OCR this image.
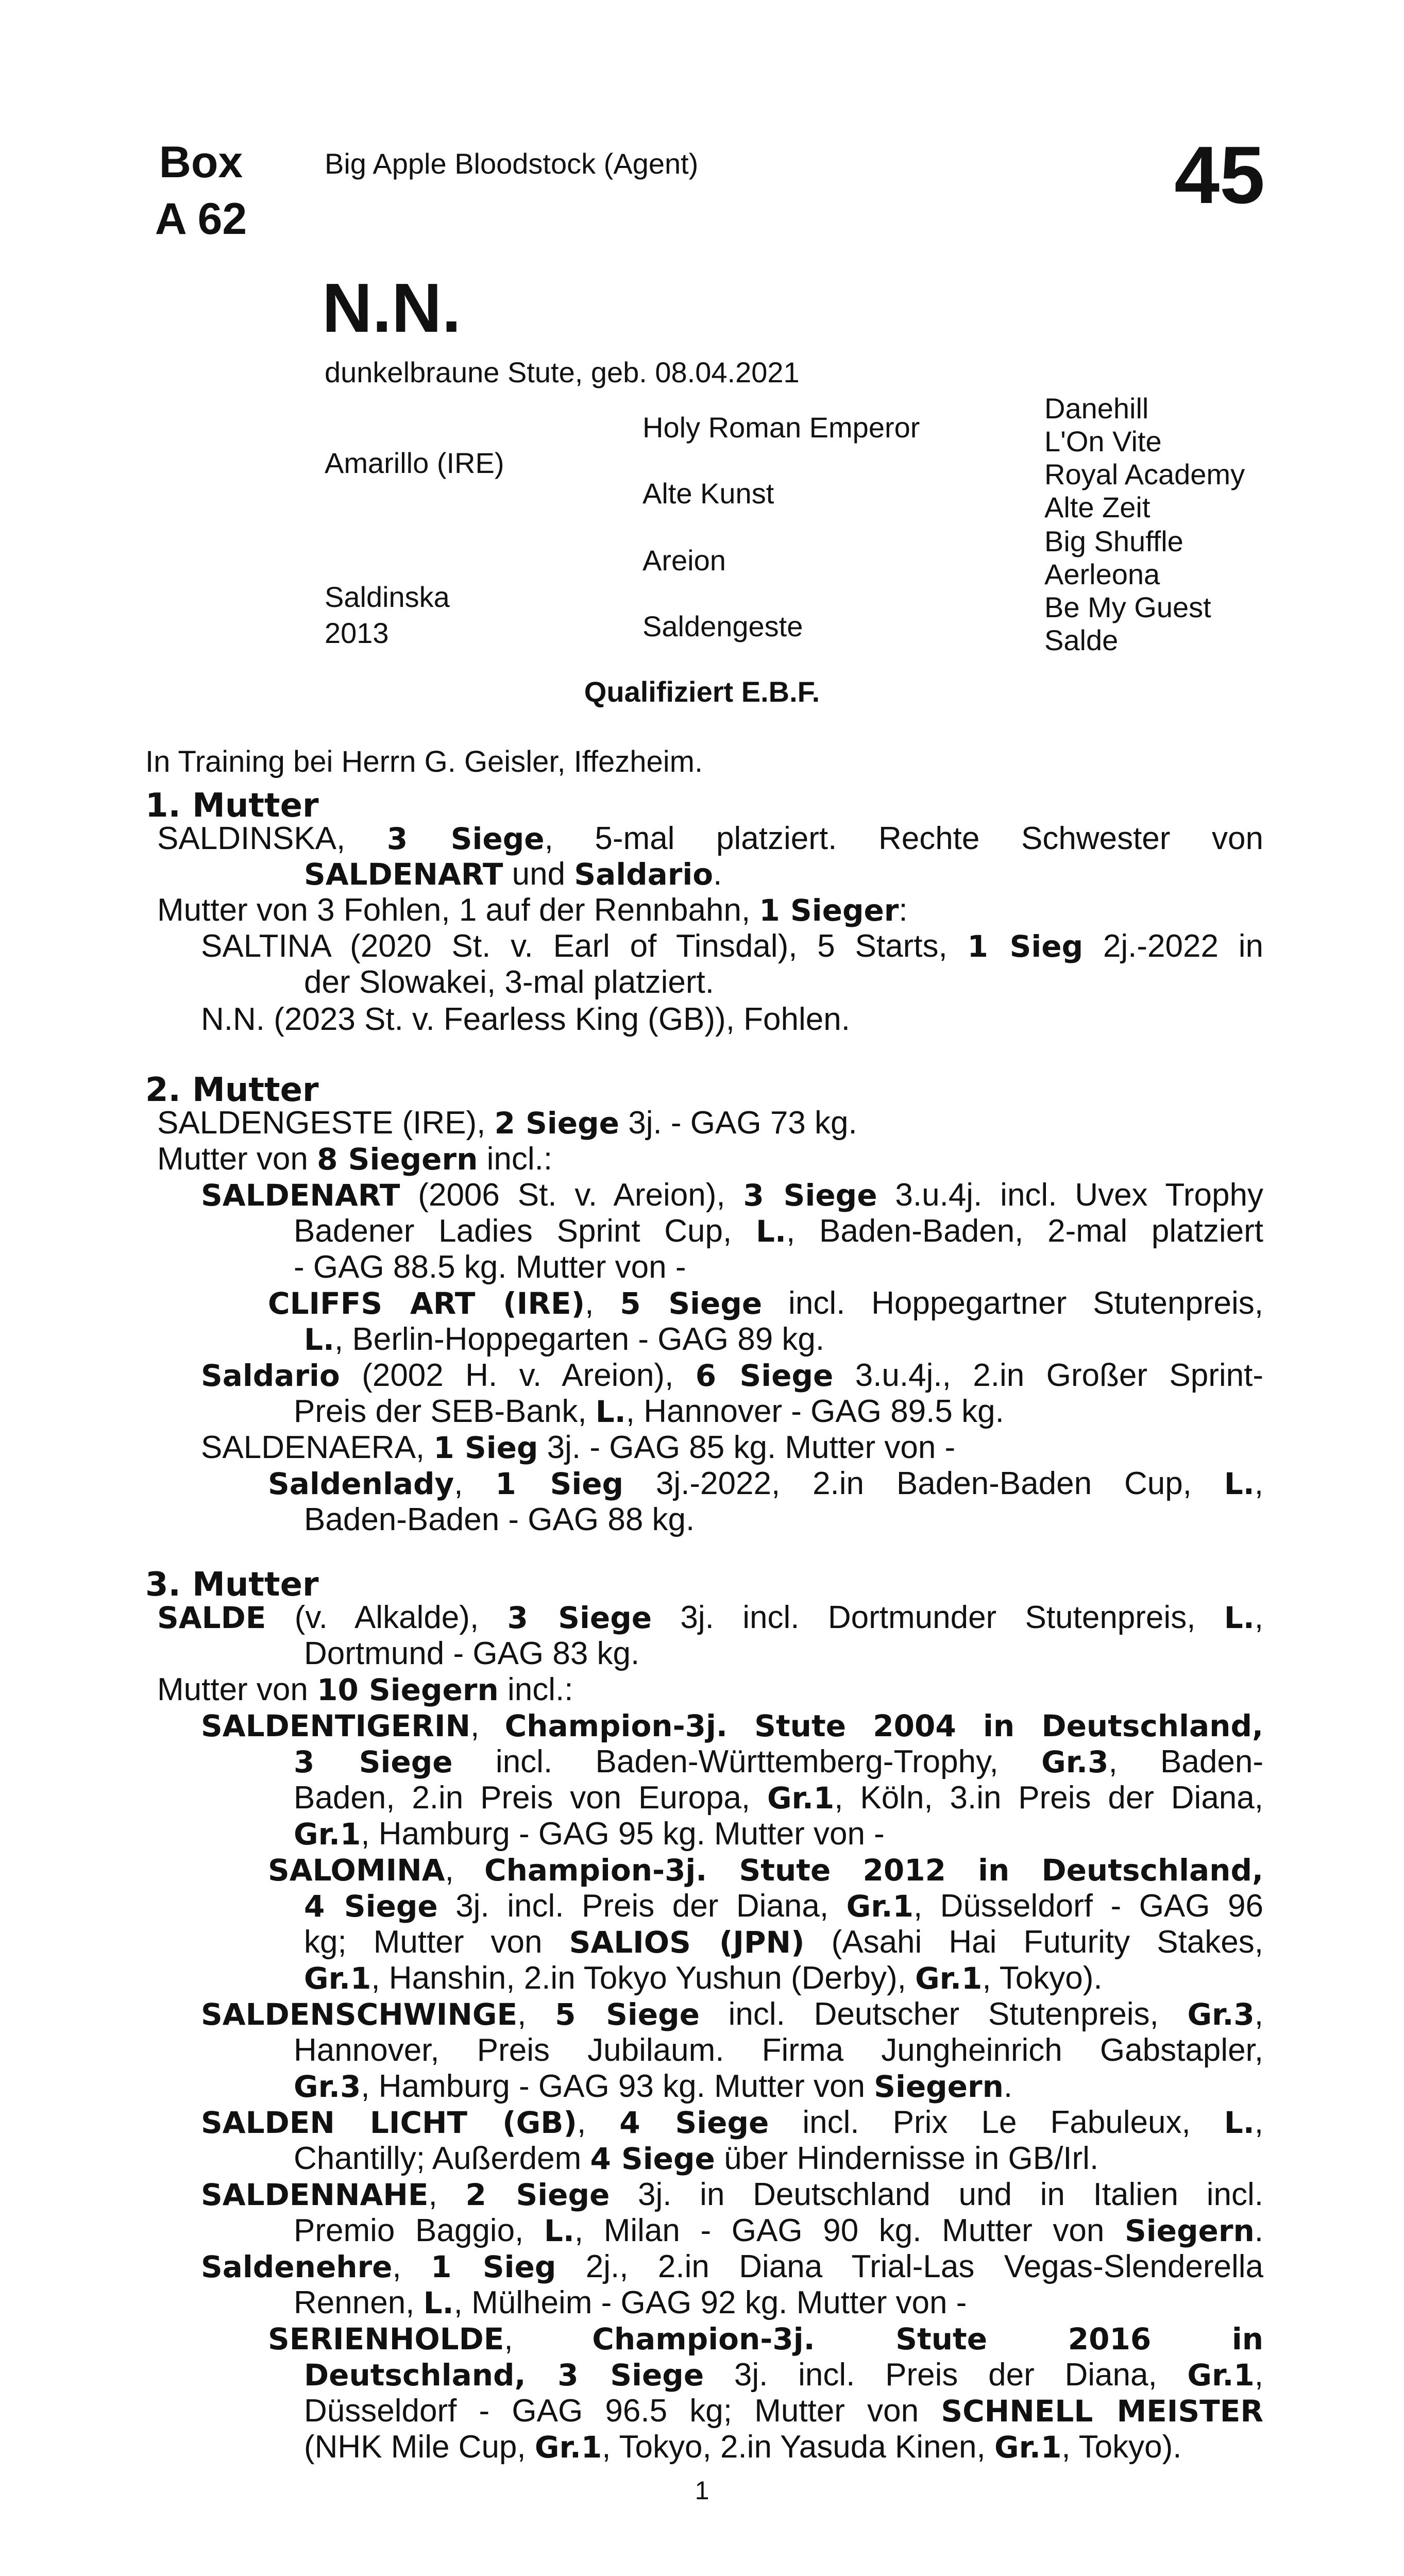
Box
A 62
Big Apple Bloodstock (Agent)	45
N.N.
dunkelbraune Stute, geb. 08.04.2021
Amarillo (IRE)
Saldinska
2013
Holy Roman Emperor
Alte Kunst
Areion
Saldengeste
Danehill
L'On Vite
Royal Academy
Alte Zeit
Big Shuffle
Aerleona
Be My Guest
Salde
Qualifiziert E.B.F.
In Training bei Herrn G. Geisler, Iffezheim.
1. Mutter
2. Mutter
3. Mutter
SALDINSKA, 3 Siege, 5-mal platziert. Rechte Schwester von
SALDENART und Saldario.
Mutter von 3 Fohlen, 1 auf der Rennbahn, 1 Sieger:
SALTINA (2020 St. v. Earl of Tinsdal), 5 Starts, 1 Sieg 2j.-2022 in
der Slowakei, 3-mal platziert.
N.N. (2023 St. v. Fearless King (GB)), Fohlen.
SALDENGESTE (IRE), 2 Siege 3j. - GAG 73 kg.
Mutter von 8 Siegern incl.:
SALDENART (2006 St. v. Areion), 3 Siege 3.u.4j. incl. Uvex Trophy
Badener Ladies Sprint Cup, L., Baden-Baden, 2-mal platziert
- GAG 88.5 kg. Mutter von -
CLIFFS ART (IRE), 5 Siege incl. Hoppegartner Stutenpreis,
L., Berlin-Hoppegarten - GAG 89 kg.
Saldario (2002 H. v. Areion), 6 Siege 3.u.4j., 2.in Großer Sprint-
Preis der SEB-Bank, L., Hannover - GAG 89.5 kg.
SALDENAERA, 1 Sieg 3j. - GAG 85 kg. Mutter von -
Saldenlady, 1 Sieg 3j.-2022, 2.in Baden-Baden Cup, L.,
Baden-Baden - GAG 88 kg.
SALDE (v. Alkalde), 3 Siege 3j. incl. Dortmunder Stutenpreis, L.,
Dortmund - GAG 83 kg.
Mutter von 10 Siegern incl.:
SALDENTIGERIN, Champion-3j. Stute 2004 in Deutschland,
3 Siege incl. Baden-Württemberg-Trophy, Gr.3, Baden-
Baden, 2.in Preis von Europa, Gr.1, Köln, 3.in Preis der Diana,
Gr.1, Hamburg - GAG 95 kg. Mutter von -
SALOMINA, Champion-3j. Stute 2012 in Deutschland,
4 Siege 3j. incl. Preis der Diana, Gr.1, Düsseldorf - GAG 96
kg; Mutter von SALIOS (JPN) (Asahi Hai Futurity Stakes,
Gr.1, Hanshin, 2.in Tokyo Yushun (Derby), Gr.1, Tokyo).
SALDENSCHWINGE, 5 Siege incl. Deutscher Stutenpreis, Gr.3,
Hannover, Preis Jubilaum. Firma Jungheinrich Gabstapler,
Gr.3, Hamburg - GAG 93 kg. Mutter von Siegern.
SALDEN LICHT (GB), 4 Siege incl. Prix Le Fabuleux, L.,
Chantilly; Außerdem 4 Siege über Hindernisse in GB/Irl.
SALDENNAHE, 2 Siege 3j. in Deutschland und in Italien incl.
Premio Baggio, L., Milan - GAG 90 kg. Mutter von Siegern.
Saldenehre, 1 Sieg 2j., 2.in Diana Trial-Las Vegas-Slenderella
Rennen, L., Mülheim - GAG 92 kg. Mutter von -
SERIENHOLDE, Champion-3j. Stute 2016 in
Deutschland, 3 Siege 3j. incl. Preis der Diana, Gr.1,
Düsseldorf - GAG 96.5 kg; Mutter von SCHNELL MEISTER
(NHK Mile Cup, Gr.1, Tokyo, 2.in Yasuda Kinen, Gr.1, Tokyo).
1
